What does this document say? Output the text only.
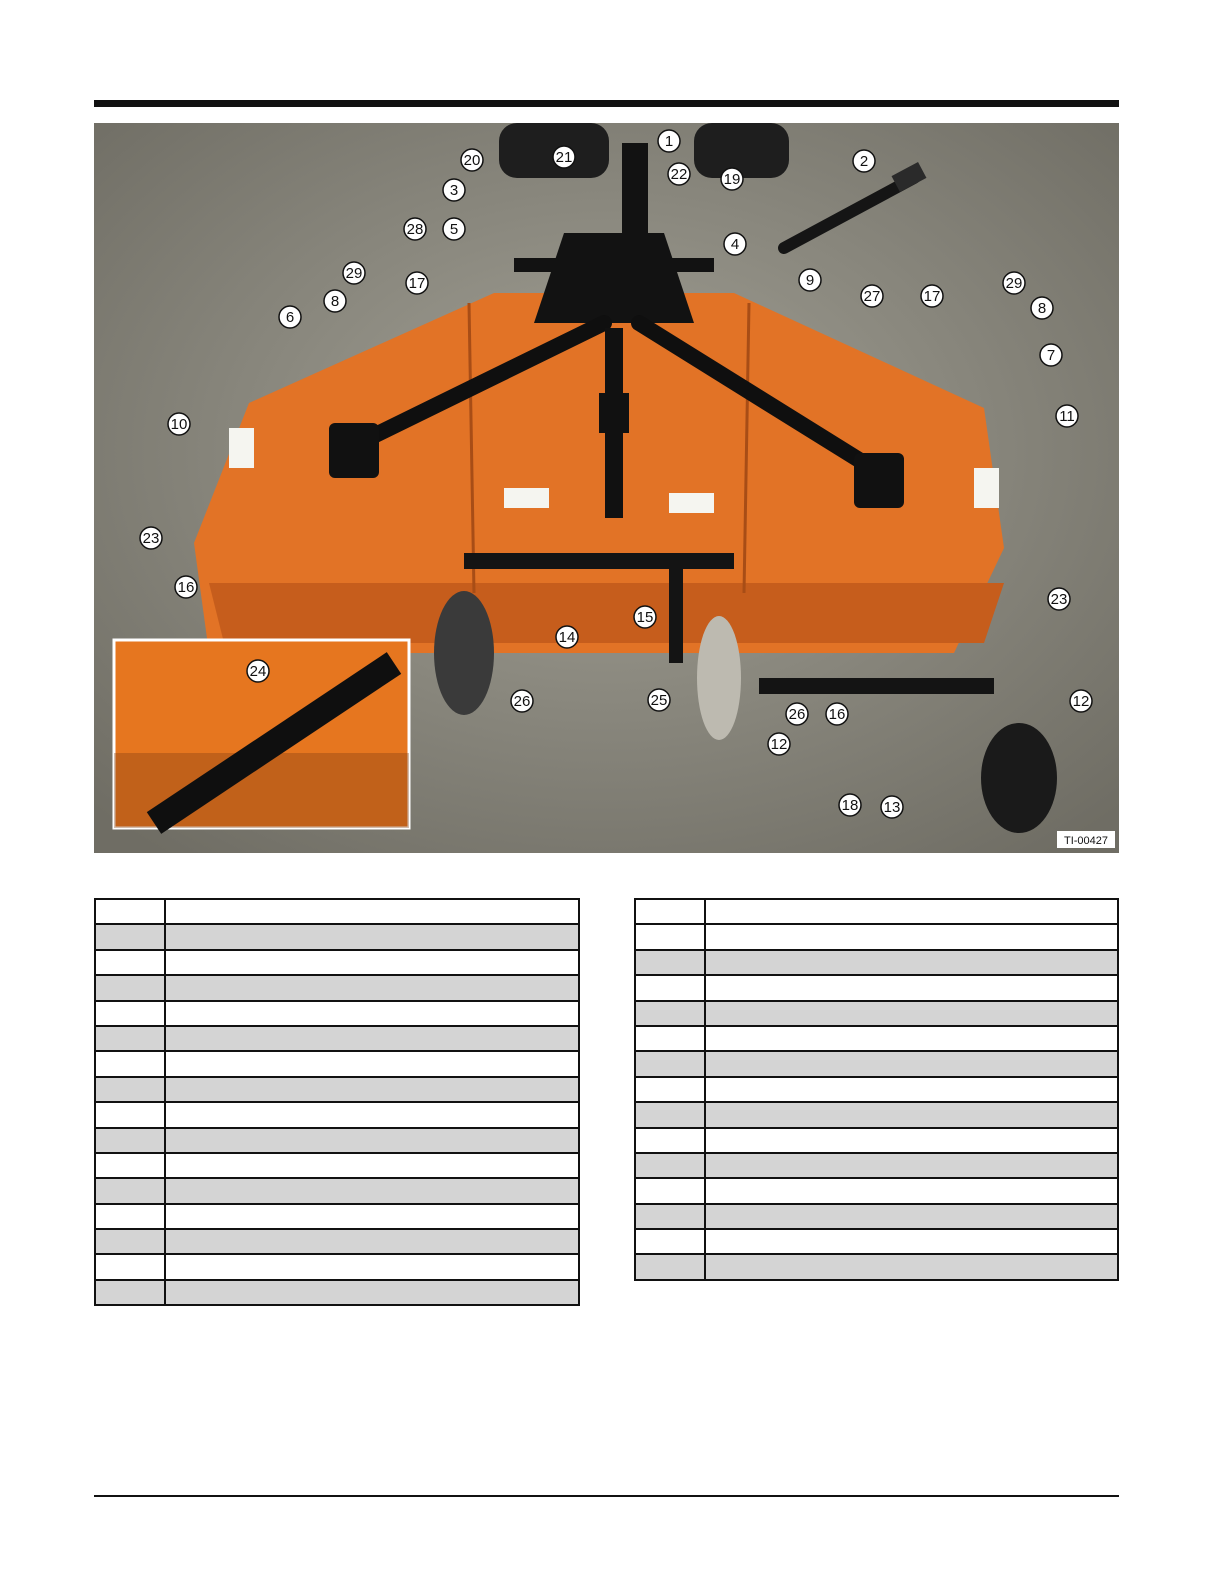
1
2
3
4
5
6
7
8	8
9
10	11
12
12
13
14
15
16
16
17
17
18
19
20	21
22
23
23
24
25
26
26
27
28
29
29
TI-00427
